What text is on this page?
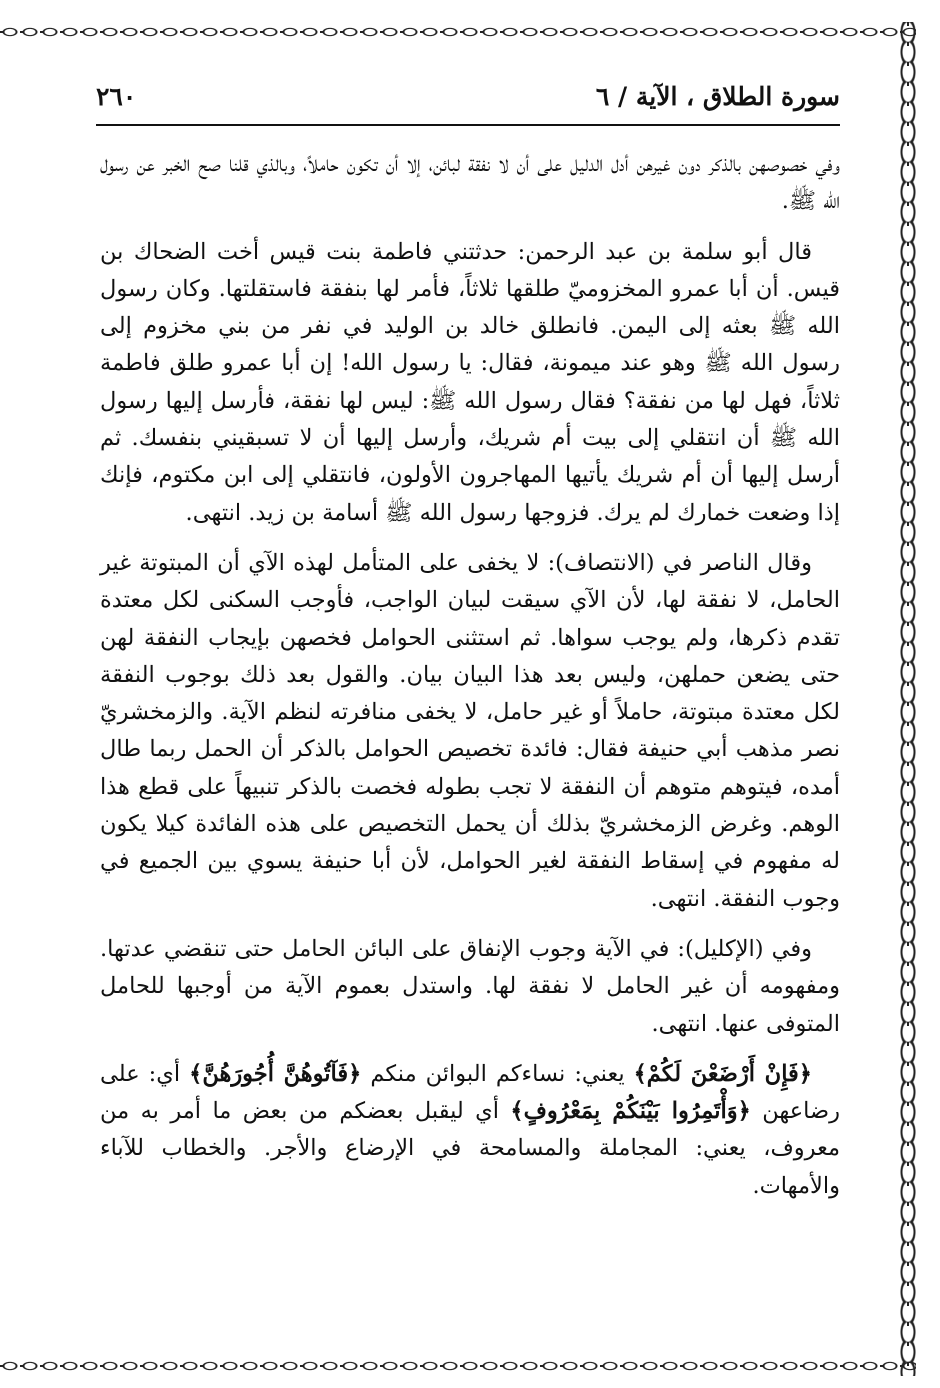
سورة الطلاق ، الآية / ٦
٢٦٠

وفي خصوصهن بالذكر دون غيرهن أدل الدليل على أن لا نفقة لبائن، إلا أن تكون حاملاً، وبالذي قلنا صح الخبر عن رسول الله ﷺ.

قال أبو سلمة بن عبد الرحمن: حدثتني فاطمة بنت قيس أخت الضحاك بن قيس. أن أبا عمرو المخزوميّ طلقها ثلاثاً، فأمر لها بنفقة فاستقلتها. وكان رسول الله ﷺ بعثه إلى اليمن. فانطلق خالد بن الوليد في نفر من بني مخزوم إلى رسول الله ﷺ وهو عند ميمونة، فقال: يا رسول الله! إن أبا عمرو طلق فاطمة ثلاثاً، فهل لها من نفقة؟ فقال رسول الله ﷺ: ليس لها نفقة، فأرسل إليها رسول الله ﷺ أن انتقلي إلى بيت أم شريك، وأرسل إليها أن لا تسبقيني بنفسك. ثم أرسل إليها أن أم شريك يأتيها المهاجرون الأولون، فانتقلي إلى ابن مكتوم، فإنك إذا وضعت خمارك لم يرك. فزوجها رسول الله ﷺ أسامة بن زيد. انتهى.

وقال الناصر في (الانتصاف): لا يخفى على المتأمل لهذه الآي أن المبتوتة غير الحامل، لا نفقة لها، لأن الآي سيقت لبيان الواجب، فأوجب السكنى لكل معتدة تقدم ذكرها، ولم يوجب سواها. ثم استثنى الحوامل فخصهن بإيجاب النفقة لهن حتى يضعن حملهن، وليس بعد هذا البيان بيان. والقول بعد ذلك بوجوب النفقة لكل معتدة مبتوتة، حاملاً أو غير حامل، لا يخفى منافرته لنظم الآية. والزمخشريّ نصر مذهب أبي حنيفة فقال: فائدة تخصيص الحوامل بالذكر أن الحمل ربما طال أمده، فيتوهم متوهم أن النفقة لا تجب بطوله فخصت بالذكر تنبيهاً على قطع هذا الوهم. وغرض الزمخشريّ بذلك أن يحمل التخصيص على هذه الفائدة كيلا يكون له مفهوم في إسقاط النفقة لغير الحوامل، لأن أبا حنيفة يسوي بين الجميع في وجوب النفقة. انتهى.

وفي (الإكليل): في الآية وجوب الإنفاق على البائن الحامل حتى تنقضي عدتها. ومفهومه أن غير الحامل لا نفقة لها. واستدل بعموم الآية من أوجبها للحامل المتوفى عنها. انتهى.

﴿فَإِنْ أَرْضَعْنَ لَكُمْ﴾ يعني: نساءكم البوائن منكم ﴿فَآتُوهُنَّ أُجُورَهُنَّ﴾ أي: على رضاعهن ﴿وَأْتَمِرُوا بَيْنَكُمْ بِمَعْرُوفٍ﴾ أي ليقبل بعضكم من بعض ما أمر به من معروف، يعني: المجاملة والمسامحة في الإرضاع والأجر. والخطاب للآباء والأمهات.
